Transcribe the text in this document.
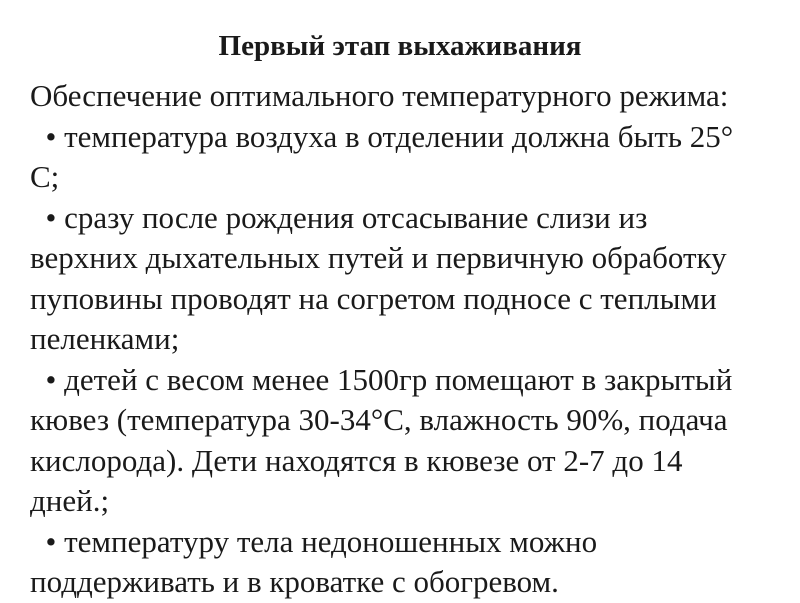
Первый этап выхаживания
Обеспечение оптимального температурного режима:
• температура воздуха в отделении должна быть 25°
С;
• сразу после рождения отсасывание слизи из
верхних дыхательных путей и первичную обработку
пуповины проводят на согретом подносе с теплыми
пеленками;
• детей с весом менее 1500гр помещают в закрытый
кювез (температура 30-34°С, влажность 90%, подача
кислорода). Дети находятся в кювезе от 2-7 до 14
дней.;
• температуру тела недоношенных можно
поддерживать и в кроватке с обогревом.
